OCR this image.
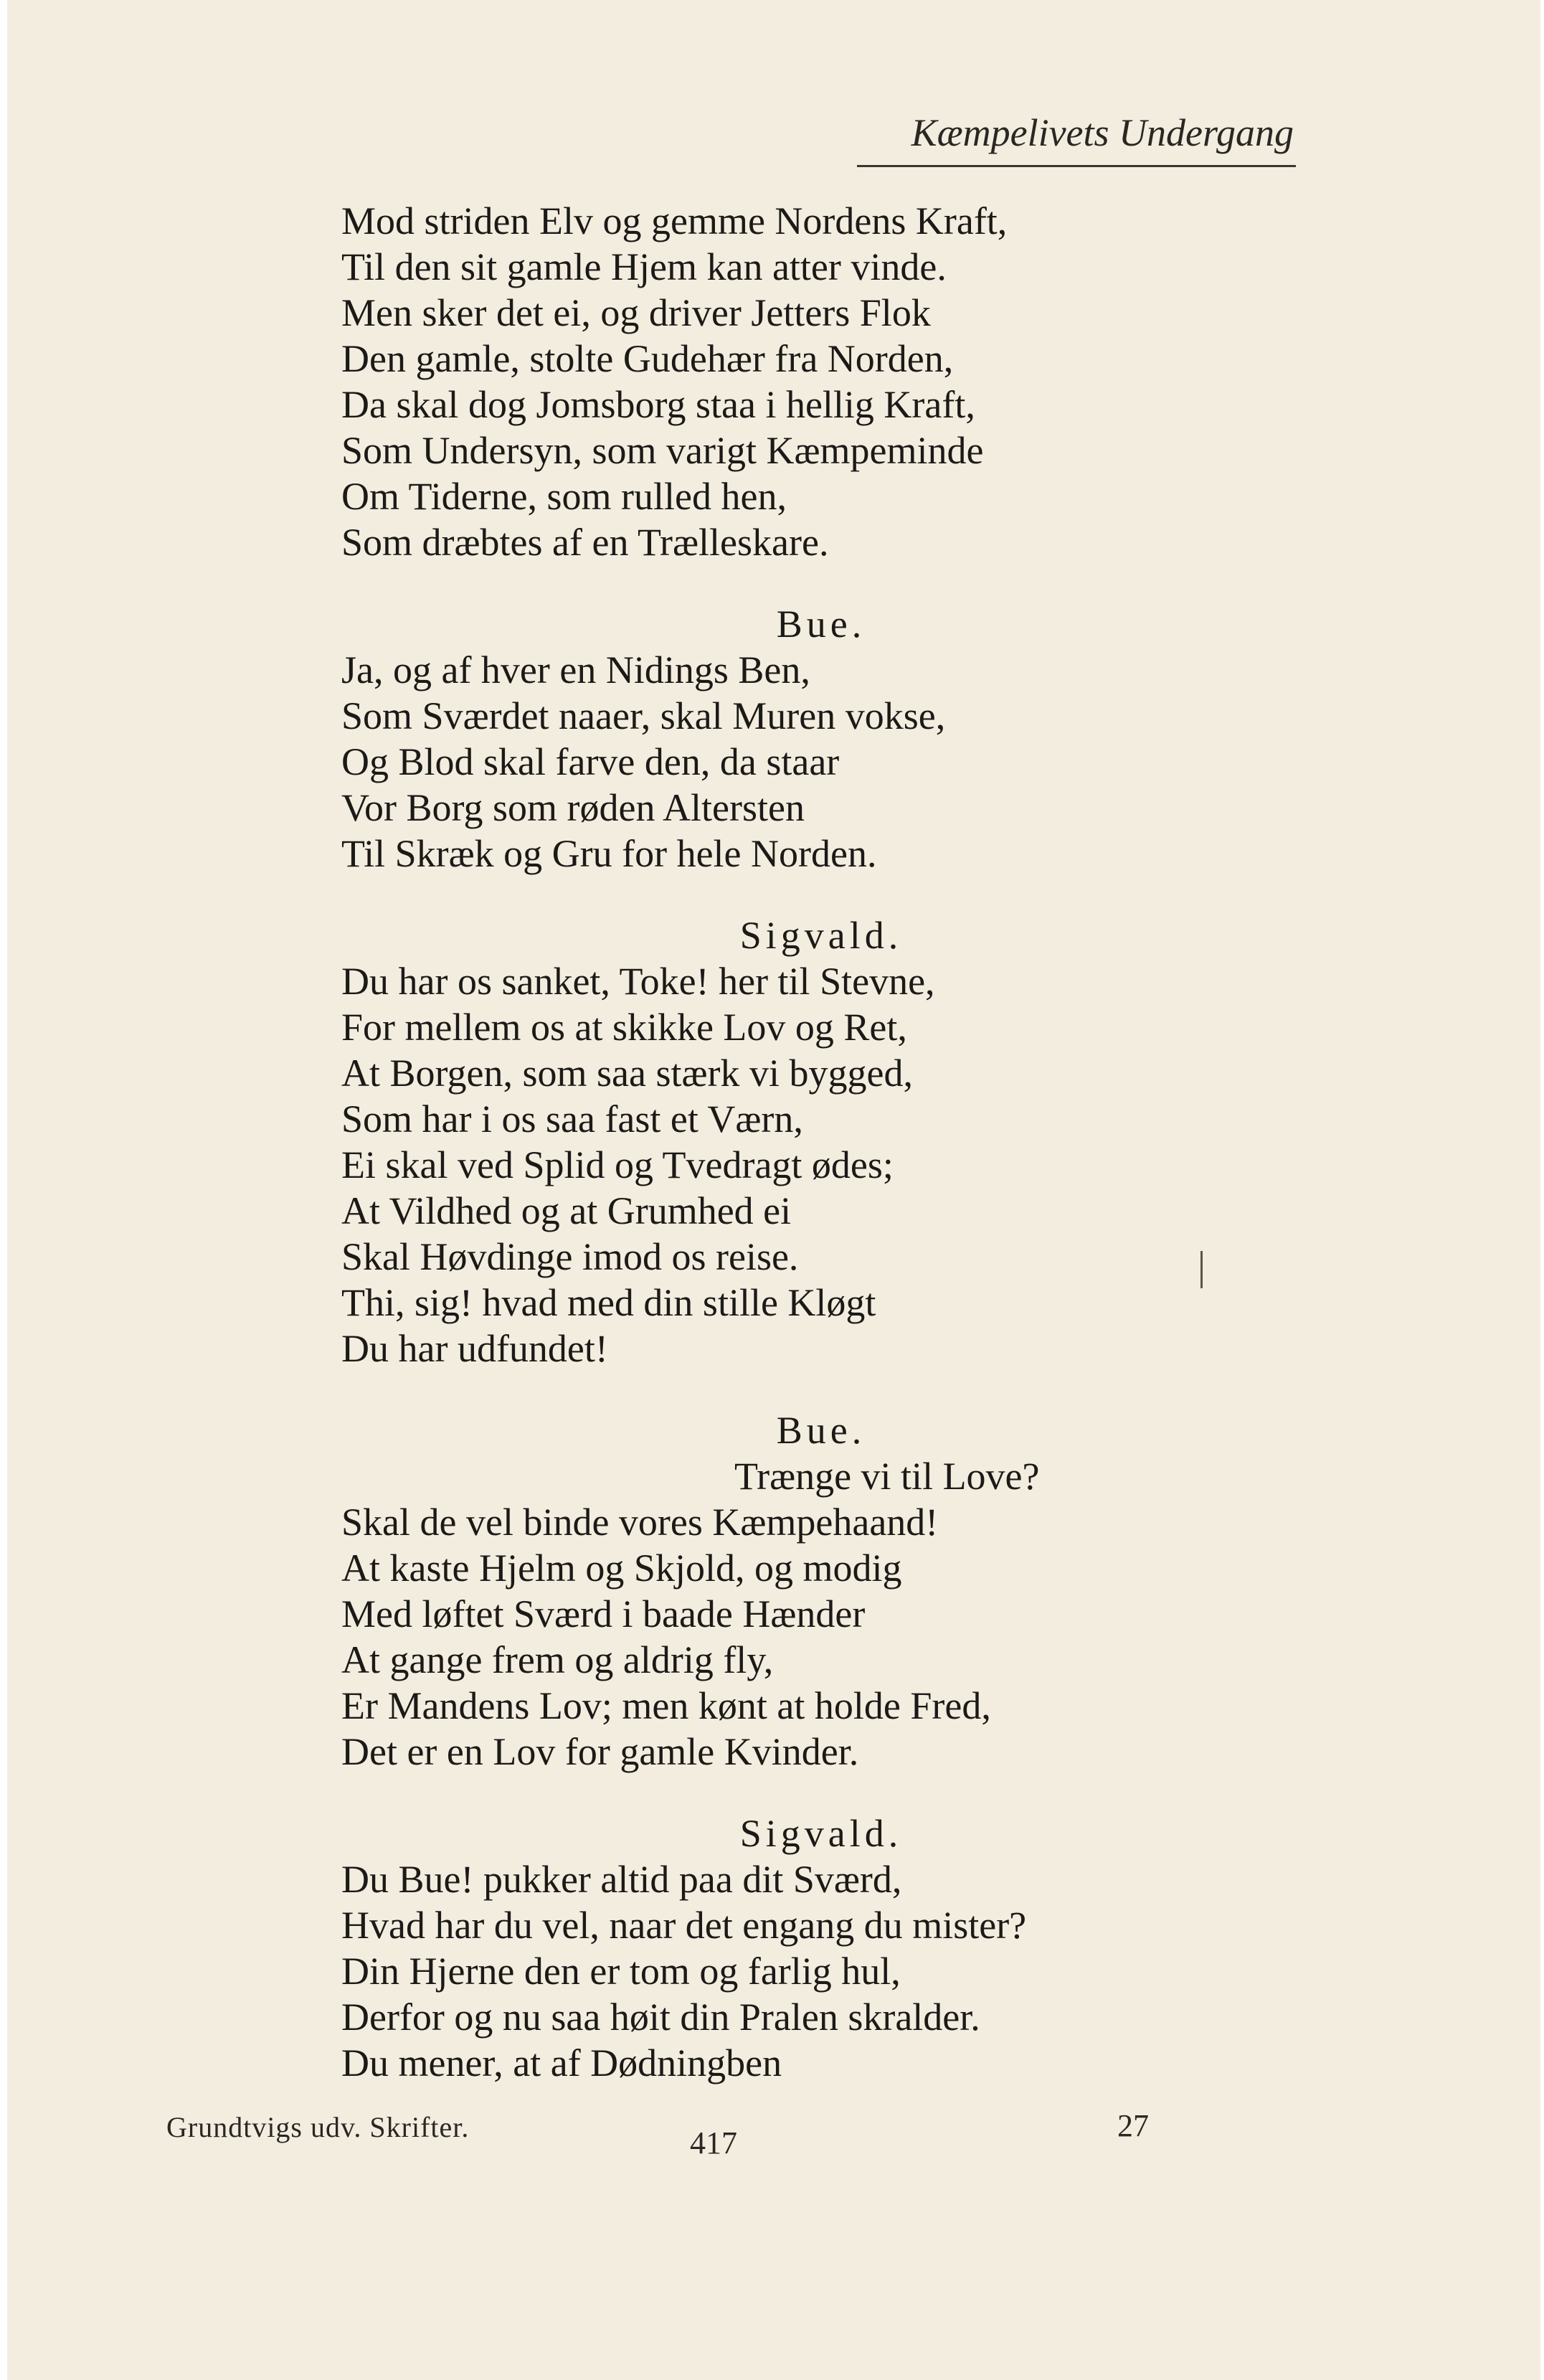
Kæmpelivets Undergang
Mod striden Elv og gemme Nordens Kraft,
Til den sit gamle Hjem kan atter vinde.
Men sker det ei, og driver Jetters Flok
Den gamle, stolte Gudehær fra Norden,
Da skal dog Jomsborg staa i hellig Kraft,
Som Undersyn, som varigt Kæmpeminde
Om Tiderne, som rulled hen,
Som dræbtes af en Trælleskare.
Bue.
Ja, og af hver en Nidings Ben,
Som Sværdet naaer, skal Muren vokse,
Og Blod skal farve den, da staar
Vor Borg som røden Altersten
Til Skræk og Gru for hele Norden.
Sigvald.
Du har os sanket, Toke! her til Stevne,
For mellem os at skikke Lov og Ret,
At Borgen, som saa stærk vi bygged,
Som har i os saa fast et Værn,
Ei skal ved Splid og Tvedragt ødes;
At Vildhed og at Grumhed ei
Skal Høvdinge imod os reise.
Thi, sig! hvad med din stille Kløgt
Du har udfundet!
Bue.
Trænge vi til Love?
Skal de vel binde vores Kæmpehaand!
At kaste Hjelm og Skjold, og modig
Med løftet Sværd i baade Hænder
At gange frem og aldrig fly,
Er Mandens Lov; men kønt at holde Fred,
Det er en Lov for gamle Kvinder.
Sigvald.
Du Bue! pukker altid paa dit Sværd,
Hvad har du vel, naar det engang du mister?
Din Hjerne den er tom og farlig hul,
Derfor og nu saa høit din Pralen skralder.
Du mener, at af Dødningben
Grundtvigs udv. Skrifter.	417	27
